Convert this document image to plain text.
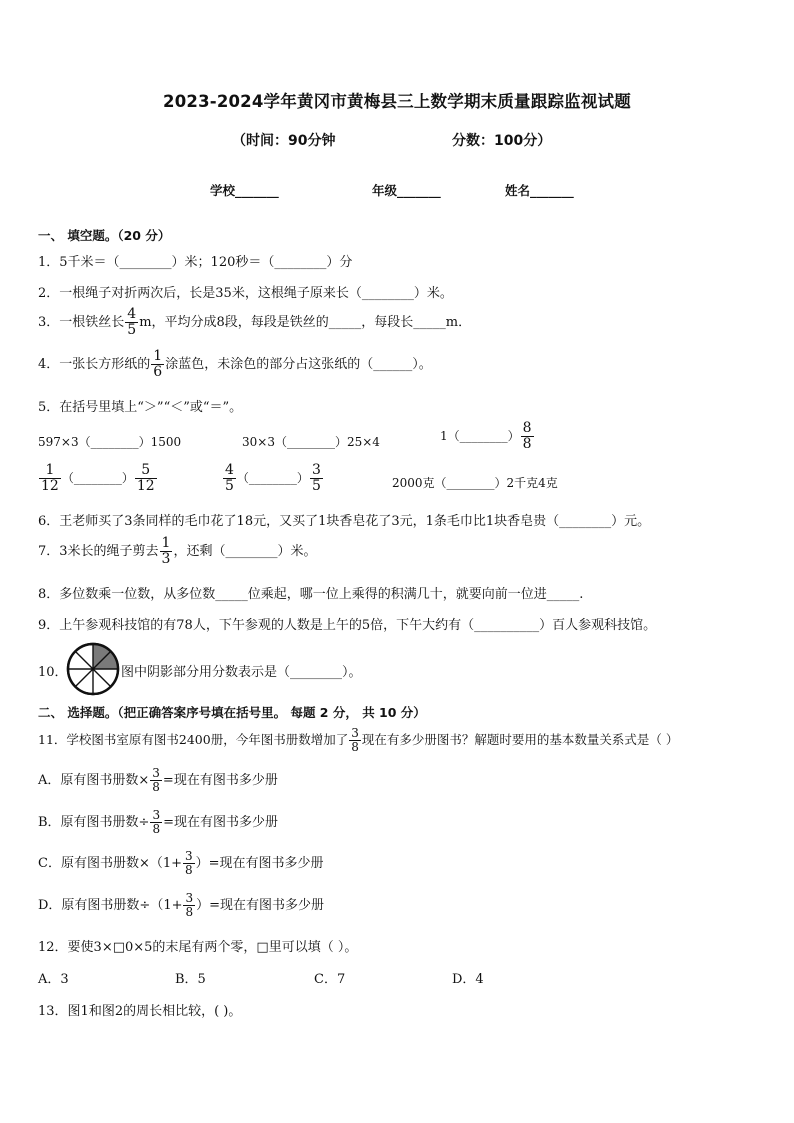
2023-2024学年黄冈市黄梅县三上数学期末质量跟踪监视试题
（时间：90分钟	分数：100分）
学校_______	年级_______	姓名_______
一、 填空题。（20 分）
1．5千米＝（________）米；120秒＝（________）分
2．一根绳子对折两次后，长是35米，这根绳子原来长（________）米。
3．一根铁丝长 $\frac{4}{5}$ m，平均分成8段，每段是铁丝的_____，每段长_____m．
4．一张长方形纸的 $\frac{1}{6}$ 涂蓝色，未涂色的部分占这张纸的（______）。
5．在括号里填上“＞”“＜”或“＝”。
597×3（________）1500	30×3（________）25×4	1（________） $\frac{8}{8}$
$\frac{1}{12}$ （________） $\frac{5}{12}$	$\frac{4}{5}$ （________） $\frac{3}{5}$	2000克（________）2千克4克
6．王老师买了3条同样的毛巾花了18元，又买了1块香皂花了3元，1条毛巾比1块香皂贵（________）元。
7．3米长的绳子剪去 $\frac{1}{3}$ ，还剩（________）米。
8．多位数乘一位数，从多位数_____位乘起，哪一位上乘得的积满几十，就要向前一位进_____.
9．上午参观科技馆的有78人，下午参观的人数是上午的5倍，下午大约有（__________）百人参观科技馆。
10．	图中阴影部分用分数表示是（________）。
二、 选择题。（把正确答案序号填在括号里。 每题 2 分， 共 10 分）
11．学校图书室原有图书2400册，今年图书册数增加了 $\frac{3}{8}$ 现在有多少册图书？解题时要用的基本数量关系式是（ ）
A．原有图书册数× $\frac{3}{8}$ =现在有图书多少册
B．原有图书册数÷ $\frac{3}{8}$ =现在有图书多少册
C．原有图书册数$\times(1+ \frac{3}{8}$ ）=现在有图书多少册
D．原有图书册数$\div(1+ \frac{3}{8}$ ）=现在有图书多少册
12．要使3×□0×5的末尾有两个零，□里可以填（ ）。
A．3	B．5	C．7	D．4
13．图1和图2的周长相比较，( )。
